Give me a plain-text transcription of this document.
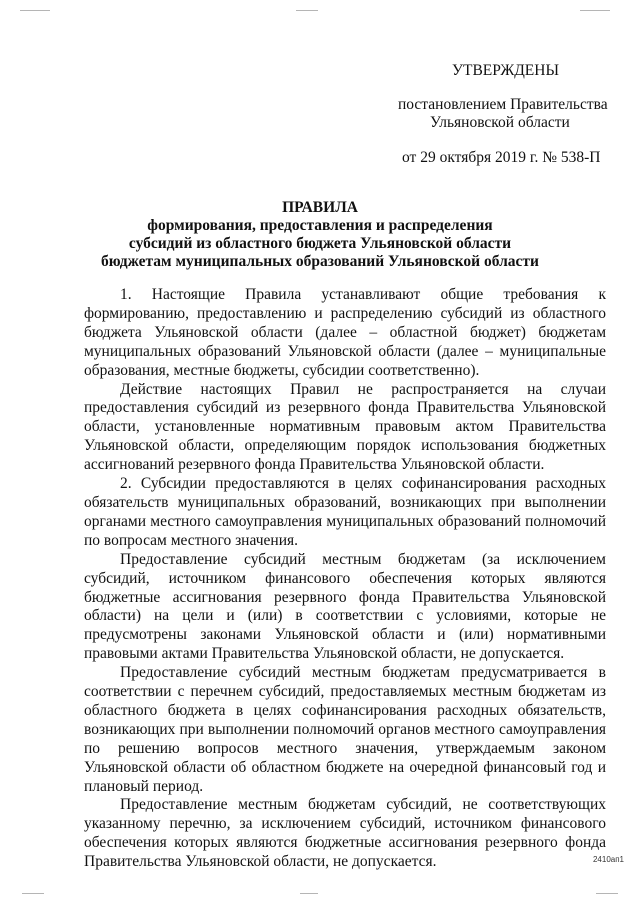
УТВЕРЖДЕНЫ
постановлением Правительства
Ульяновской области
от 29 октября 2019 г. № 538-П
ПРАВИЛА
формирования, предоставления и распределения
субсидий из областного бюджета Ульяновской области
бюджетам муниципальных образований Ульяновской области

1. Настоящие Правила устанавливают общие требования к формированию, предоставлению и распределению субсидий из областного бюджета Ульяновской области (далее – областной бюджет) бюджетам муниципальных образований Ульяновской области (далее – муниципальные образования, местные бюджеты, субсидии соответственно).

Действие настоящих Правил не распространяется на случаи предоставления субсидий из резервного фонда Правительства Ульяновской области, установленные нормативным правовым актом Правительства Ульяновской области, определяющим порядок использования бюджетных ассигнований резервного фонда Правительства Ульяновской области.

2. Субсидии предоставляются в целях софинансирования расходных обязательств муниципальных образований, возникающих при выполнении органами местного самоуправления муниципальных образований полномочий по вопросам местного значения.

Предоставление субсидий местным бюджетам (за исключением субсидий, источником финансового обеспечения которых являются бюджетные ассигнования резервного фонда Правительства Ульяновской области) на цели и (или) в соответствии с условиями, которые не предусмотрены законами Ульяновской области и (или) нормативными правовыми актами Правительства Ульяновской области, не допускается.

Предоставление субсидий местным бюджетам предусматривается в соответствии с перечнем субсидий, предоставляемых местным бюджетам из областного бюджета в целях софинансирования расходных обязательств, возникающих при выполнении полномочий органов местного самоуправления по решению вопросов местного значения, утверждаемым законом Ульяновской области об областном бюджете на очередной финансовый год и плановый период.

Предоставление местным бюджетам субсидий, не соответствующих указанному перечню, за исключением субсидий, источником финансового обеспечения которых являются бюджетные ассигнования резервного фонда Правительства Ульяновской области, не допускается.	2410ап1
